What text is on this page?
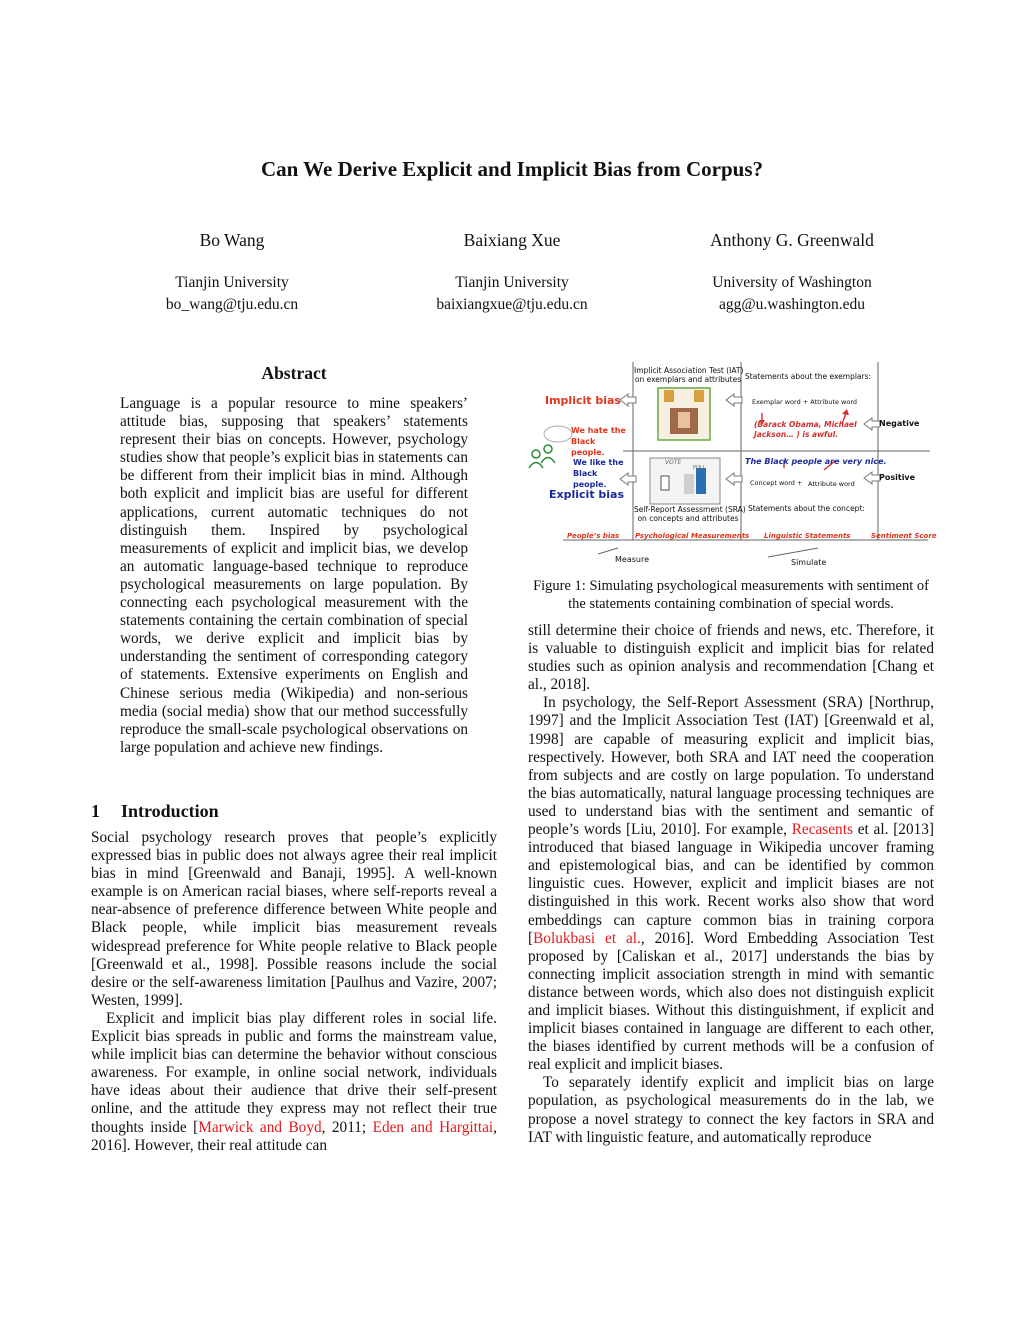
Can We Derive Explicit and Implicit Bias from Corpus?
Bo Wang
Tianjin University
bo_wang@tju.edu.cn
Baixiang Xue
Tianjin University
baixiangxue@tju.edu.cn
Anthony G. Greenwald
University of Washington
agg@u.washington.edu
Abstract

Language is a popular resource to mine speakers’ attitude bias, supposing that speakers’ statements represent their bias on concepts. However, psychology studies show that people’s explicit bias in statements can be different from their implicit bias in mind. Although both explicit and implicit bias are useful for different applications, current automatic techniques do not distinguish them. Inspired by psychological measurements of explicit and implicit bias, we develop an automatic language-based technique to reproduce psychological measurements on large population. By connecting each psychological measurement with the statements containing the certain combination of special words, we derive explicit and implicit bias by understanding the sentiment of corresponding category of statements. Extensive experiments on English and Chinese serious media (Wikipedia) and non-serious media (social media) show that our method successfully reproduce the small-scale psychological observations on large population and achieve new findings.

1 Introduction

Social psychology research proves that people’s explicitly expressed bias in public does not always agree their real implicit bias in mind [Greenwald and Banaji, 1995]. A well-known example is on American racial biases, where self-reports reveal a near-absence of preference difference between White people and Black people, while implicit bias measurement reveals widespread preference for White people relative to Black people [Greenwald et al., 1998]. Possible reasons include the social desire or the self-awareness limitation [Paulhus and Vazire, 2007; Westen, 1999].

Explicit and implicit bias play different roles in social life. Explicit bias spreads in public and forms the mainstream value, while implicit bias can determine the behavior without conscious awareness. For example, in online social network, individuals have ideas about their audience that drive their self-present online, and the attitude they express may not reflect their true thoughts inside [Marwick and Boyd, 2011; Eden and Hargittai, 2016]. However, their real attitude can

Implicit Association Test (IAT)
on exemplars and attributes Statements about the exemplars:
Exemplar word + Attribute word
(Barack Obama, Michael Jackson… ) is awful.
Negative
The Black people are very nice.
Concept word + Attribute word
Positive
Statements about the concept:
Self-Report Assessment (SRA)
on concepts and attributes
Implicit bias
Explicit bias
We hate the Black people.
We like the Black people.
VOTE
POLL
People’s bias Psychological Measurements Linguistic Statements	Sentiment Score
Measure	Simulate
Figure 1: Simulating psychological measurements with sentiment of the statements containing combination of special words.

still determine their choice of friends and news, etc. Therefore, it is valuable to distinguish explicit and implicit bias for related studies such as opinion analysis and recommendation [Chang et al., 2018].

In psychology, the Self-Report Assessment (SRA) [Northrup, 1997] and the Implicit Association Test (IAT) [Greenwald et al, 1998] are capable of measuring explicit and implicit bias, respectively. However, both SRA and IAT need the cooperation from subjects and are costly on large population. To understand the bias automatically, natural language processing techniques are used to understand bias with the sentiment and semantic of people’s words [Liu, 2010]. For example, Recasents et al. [2013] introduced that biased language in Wikipedia uncover framing and epistemological bias, and can be identified by common linguistic cues. However, explicit and implicit biases are not distinguished in this work. Recent works also show that word embeddings can capture common bias in training corpora [Bolukbasi et al., 2016]. Word Embedding Association Test proposed by [Caliskan et al., 2017] understands the bias by connecting implicit association strength in mind with semantic distance between words, which also does not distinguish explicit and implicit biases. Without this distinguishment, if explicit and implicit biases contained in language are different to each other, the biases identified by current methods will be a confusion of real explicit and implicit biases.

To separately identify explicit and implicit bias on large population, as psychological measurements do in the lab, we propose a novel strategy to connect the key factors in SRA and IAT with linguistic feature, and automatically reproduce
